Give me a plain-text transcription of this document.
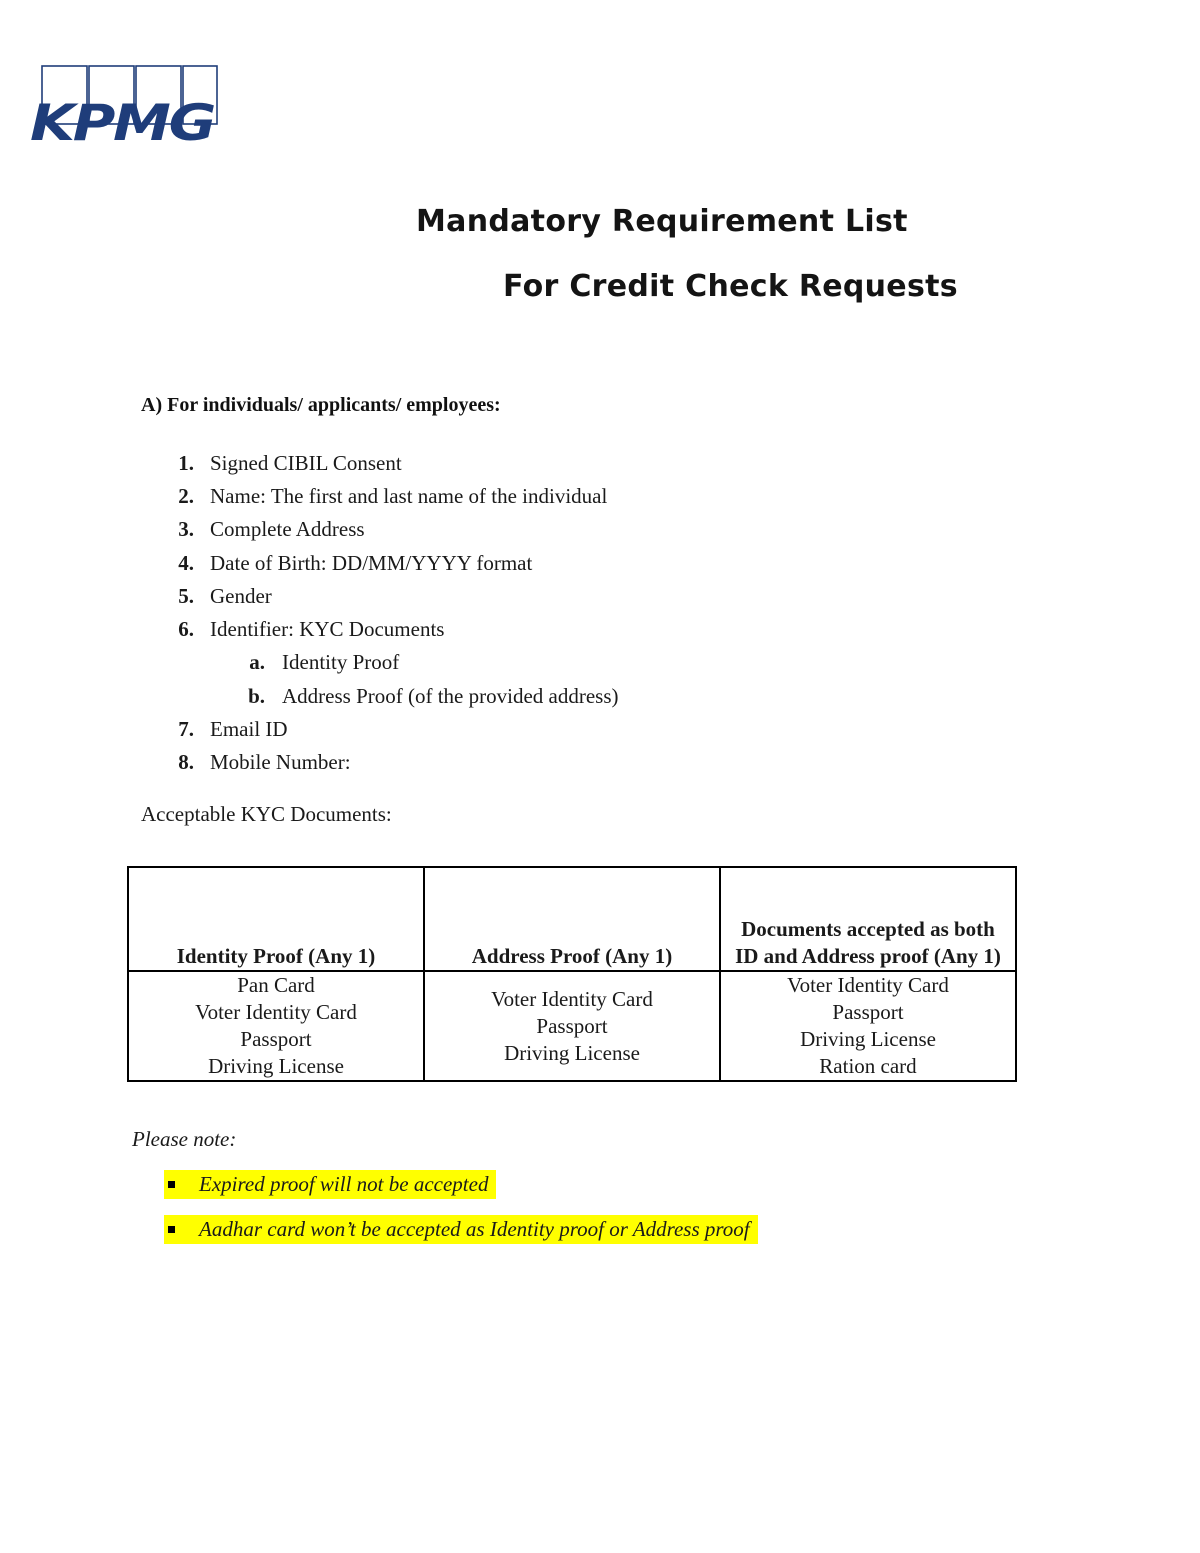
KPMG
Mandatory Requirement List
For Credit Check Requests
A) For individuals/ applicants/ employees:
1. Signed CIBIL Consent
2. Name: The first and last name of the individual
3. Complete Address
4. Date of Birth: DD/MM/YYYY format
5. Gender
6. Identifier: KYC Documents
a. Identity Proof
b. Address Proof (of the provided address)
7. Email ID
8. Mobile Number:
Acceptable KYC Documents:
Identity Proof (Any 1)	Address Proof (Any 1)	Documents accepted as both ID and Address proof (Any 1)

Pan Card
Voter Identity Card
Passport
Driving License	Voter Identity Card
Passport
Driving License	Voter Identity Card
Passport
Driving License
Ration card
Please note:
Expired proof will not be accepted
Aadhar card won’t be accepted as Identity proof or Address proof
